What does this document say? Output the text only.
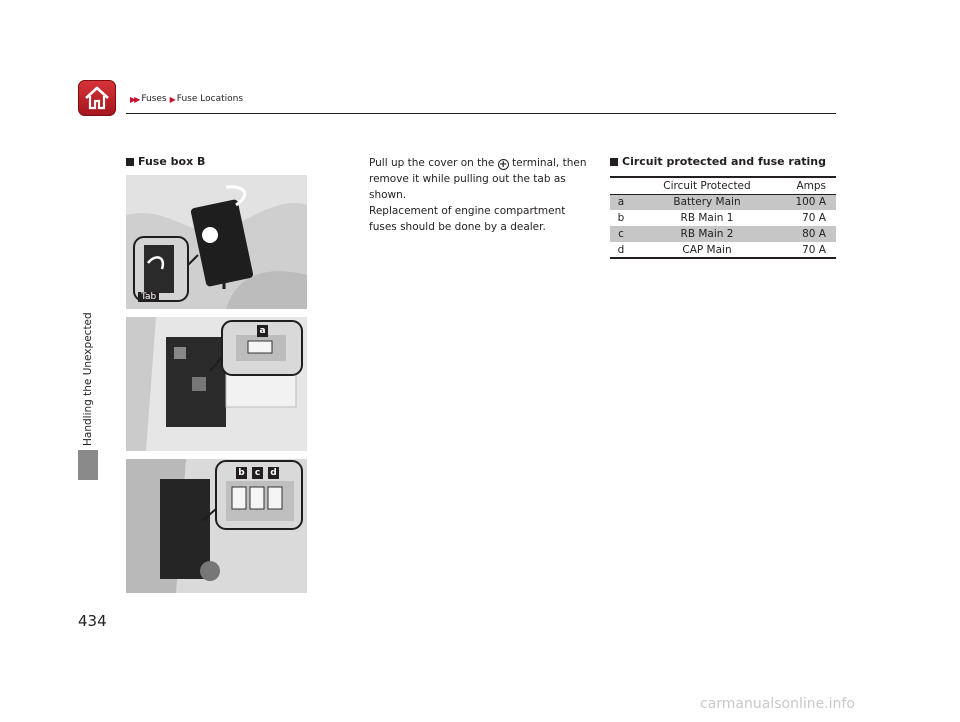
▶▶ Fuses ▶ Fuse Locations
Handling the Unexpected
434
Fuse box B
Tab
a
b	c	d

Pull up the cover on the + terminal, then remove it while pulling out the tab as shown.

Replacement of engine compartment fuses should be done by a dealer.

Circuit protected and fuse rating
	Circuit Protected	Amps
a	Battery Main	100 A
b	RB Main 1	70 A
c	RB Main 2	80 A
d	CAP Main	70 A
carmanualsonline.info
